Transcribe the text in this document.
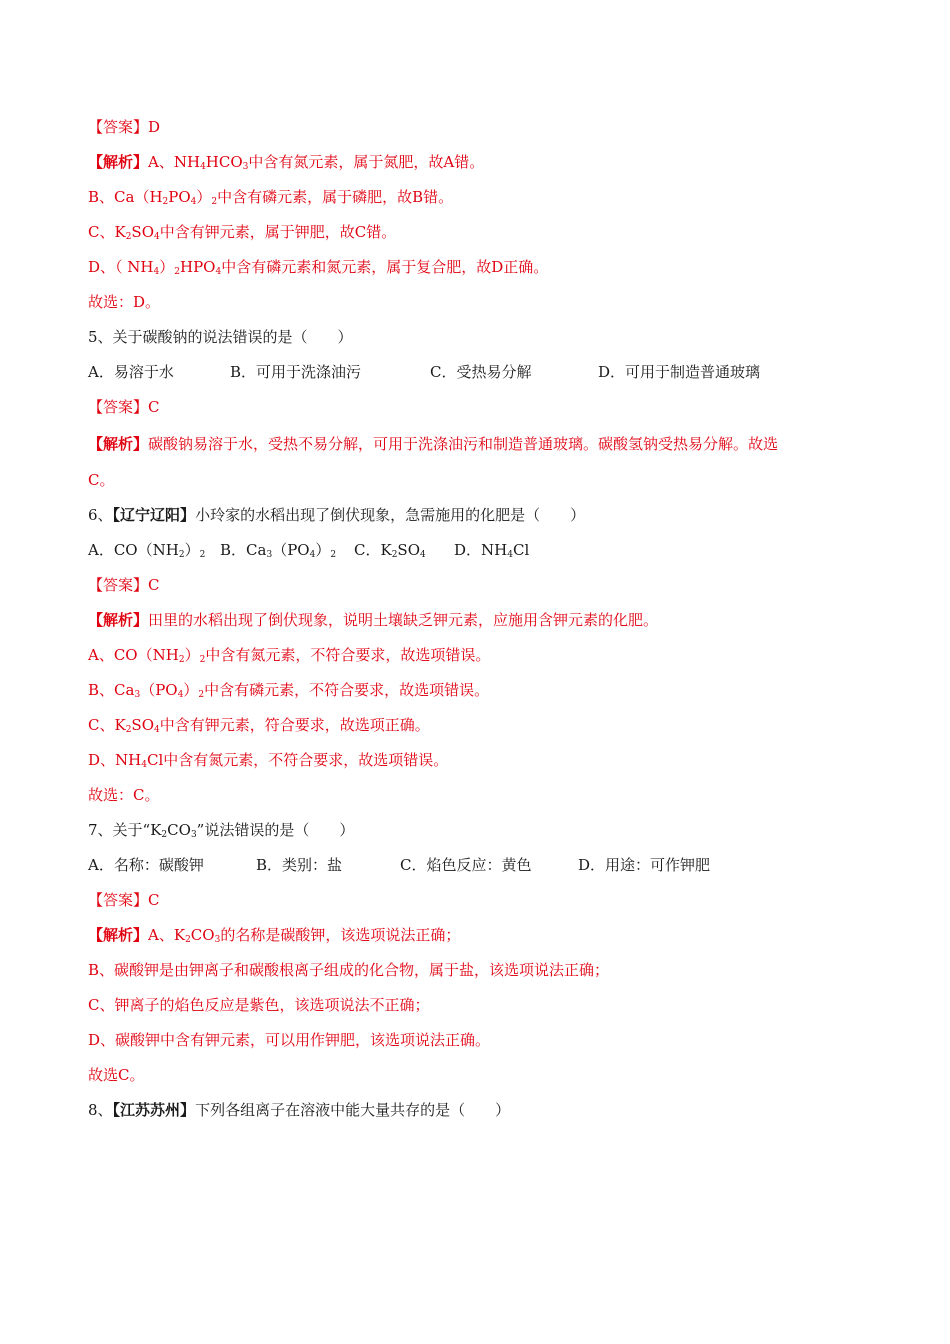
【答案】D
【解析】A、$NH_4HCO_3$中含有氮元素，属于氮肥，故A错。
B、$Ca(H_2PO_4)_2$中含有磷元素，属于磷肥，故B错。
C、$K_2SO_4$中含有钾元素，属于钾肥，故C错。
D、（ $NH_4)_2HPO_4$中含有磷元素和氮元素，属于复合肥，故D正确。
故选：D。
5、关于碳酸钠的说法错误的是（　　）
A．易溶于水	B．可用于洗涤油污	C．受热易分解	D．可用于制造普通玻璃
【答案】C
【解析】碳酸钠易溶于水，受热不易分解，可用于洗涤油污和制造普通玻璃。碳酸氢钠受热易分解。故选
C。
6、【辽宁辽阳】小玲家的水稻出现了倒伏现象，急需施用的化肥是（　　）
A．$CO(NH_2)_2$ B．$Ca_3(PO_4)_2$ C．$K_2SO_4$ D．$NH_4Cl$
【答案】C
【解析】田里的水稻出现了倒伏现象，说明土壤缺乏钾元素，应施用含钾元素的化肥。
A、$CO(NH_2)_2$中含有氮元素，不符合要求，故选项错误。
B、$Ca_3(PO_4)_2$中含有磷元素，不符合要求，故选项错误。
C、$K_2SO_4$中含有钾元素，符合要求，故选项正确。
D、$NH_4Cl$中含有氮元素，不符合要求，故选项错误。
故选：C。
7、关于“$K_2CO_3$”说法错误的是（　　）
A．名称：碳酸钾	B．类别：盐	C．焰色反应：黄色	D．用途：可作钾肥
【答案】C
【解析】A、$K_2CO_3$的名称是碳酸钾，该选项说法正确；
B、碳酸钾是由钾离子和碳酸根离子组成的化合物，属于盐，该选项说法正确；
C、钾离子的焰色反应是紫色，该选项说法不正确；
D、碳酸钾中含有钾元素，可以用作钾肥，该选项说法正确。
故选C。
8、【江苏苏州】下列各组离子在溶液中能大量共存的是（　　）
